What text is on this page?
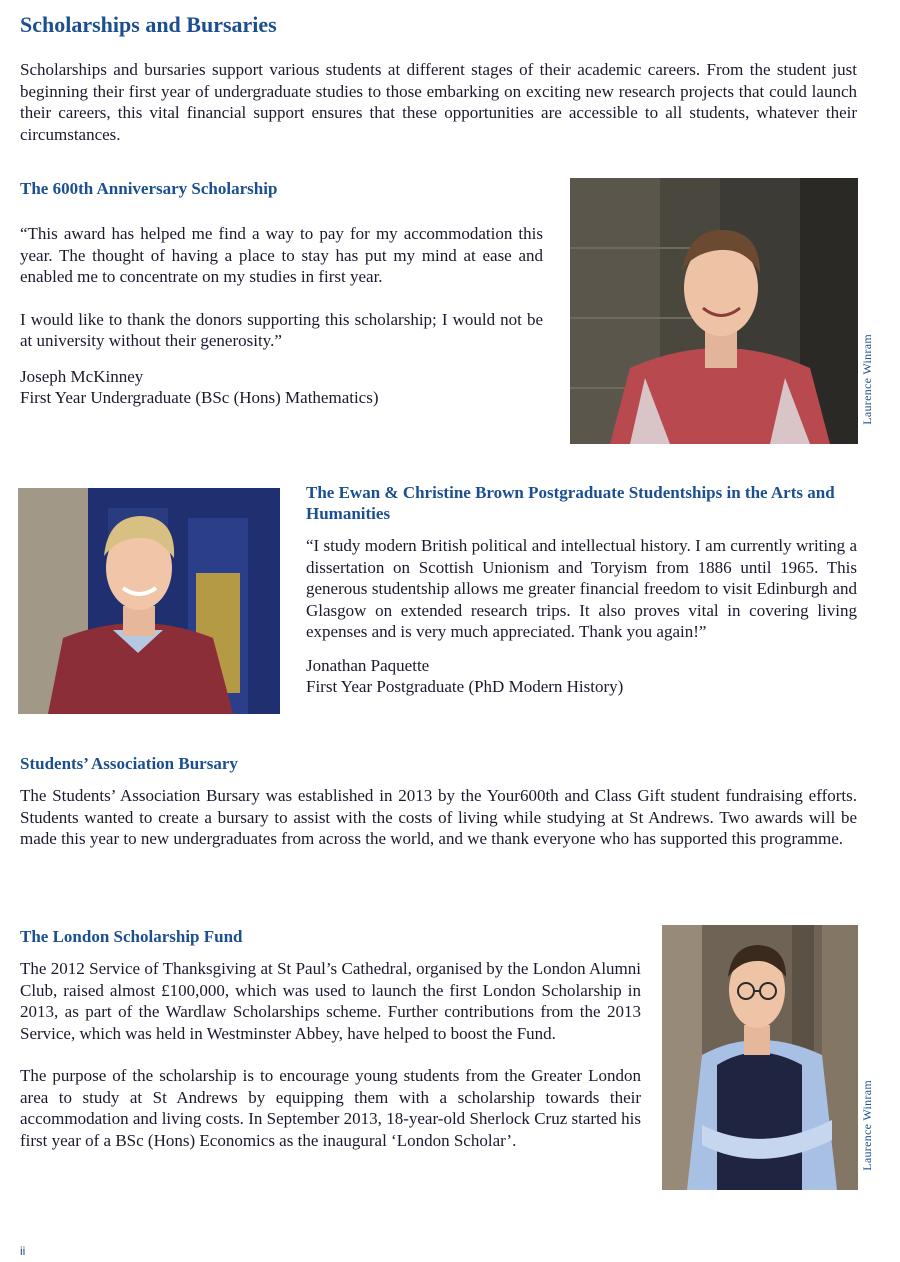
Scholarships and Bursaries
Scholarships and bursaries support various students at different stages of their academic careers. From the student just beginning their first year of undergraduate studies to those embarking on exciting new research projects that could launch their careers, this vital financial support ensures that these opportunities are accessible to all students, whatever their circumstances.
The 600th Anniversary Scholarship

“This award has helped me find a way to pay for my accommodation this year. The thought of having a place to stay has put my mind at ease and enabled me to concentrate on my studies in first year.

I would like to thank the donors supporting this scholarship; I would not be at university without their generosity.”

Joseph McKinney

First Year Undergraduate (BSc (Hons) Mathematics)	Laurence Winram
The Ewan & Christine Brown Postgraduate Studentships in the Arts and Humanities

“I study modern British political and intellectual history. I am currently writing a dissertation on Scottish Unionism and Toryism from 1886 until 1965. This generous studentship allows me greater financial freedom to visit Edinburgh and Glasgow on extended research trips. It also proves vital in covering living expenses and is very much appreciated. Thank you again!”

Jonathan Paquette

First Year Postgraduate (PhD Modern History)

Students’ Association Bursary
The Students’ Association Bursary was established in 2013 by the Your600th and Class Gift student fundraising efforts. Students wanted to create a bursary to assist with the costs of living while studying at St Andrews. Two awards will be made this year to new undergraduates from across the world, and we thank everyone who has supported this programme.
The London Scholarship Fund

The 2012 Service of Thanksgiving at St Paul’s Cathedral, organised by the London Alumni Club, raised almost £100,000, which was used to launch the first London Scholarship in 2013, as part of the Wardlaw Scholarships scheme. Further contributions from the 2013 Service, which was held in Westminster Abbey, have helped to boost the Fund.

The purpose of the scholarship is to encourage young students from the Greater London area to study at St Andrews by equipping them with a scholarship towards their accommodation and living costs. In September 2013, 18-year-old Sherlock Cruz started his first year of a BSc (Hons) Economics as the inaugural ‘London Scholar’.	Laurence Winram
ii
